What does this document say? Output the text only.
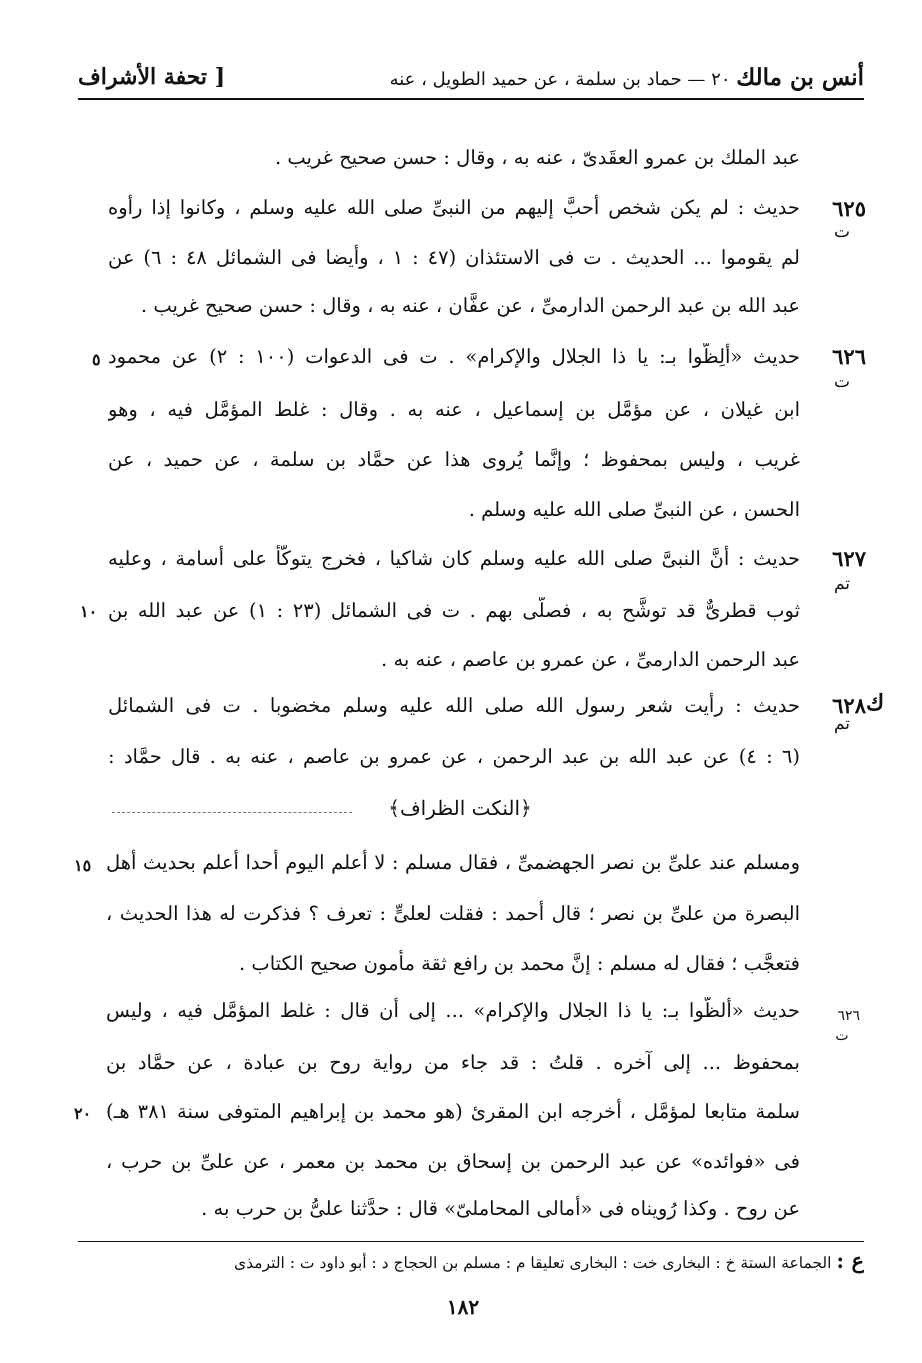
أنس بن مالك ٢٠ — حماد بن سلمة ، عن حميد الطويل ، عنه
[ تحفة الأشراف
عبد الملك بن عمرو العقَدىّ ، عنه به ، وقال : حسن صحيح غريب .
حديث : لم يكن شخص أحبَّ إليهم من النبىِّ صلى الله عليه وسلم ، وكانوا إذا رأوه
لم يقوموا ... الحديث . ت فى الاستئذان (٤٧ : ١ ، وأيضا فى الشمائل ٤٨ : ٦) عن
عبد الله بن عبد الرحمن الدارمىِّ ، عن عفَّان ، عنه به ، وقال : حسن صحيح غريب .
حديث «ألِظُّوا بـ: يا ذا الجلال والإكرام» . ت فى الدعوات (١٠٠ : ٢) عن محمود
ابن غيلان ، عن مؤمَّل بن إسماعيل ، عنه به . وقال : غلط المؤمَّل فيه ، وهو
غريب ، وليس بمحفوظ ؛ وإنَّما يُروى هذا عن حمَّاد بن سلمة ، عن حميد ، عن
الحسن ، عن النبىِّ صلى الله عليه وسلم .
حديث : أنَّ النبىَّ صلى الله عليه وسلم كان شاكيا ، فخرج يتوكَّأ على أسامة ، وعليه
ثوب قطرىٌّ قد توشَّح به ، فصلَّى بهم . ت فى الشمائل (٢٣ : ١) عن عبد الله بن
عبد الرحمن الدارمىِّ ، عن عمرو بن عاصم ، عنه به .
حديث : رأيت شعر رسول الله صلى الله عليه وسلم مخضوبا . ت فى الشمائل
(٦ : ٤) عن عبد الله بن عبد الرحمن ، عن عمرو بن عاصم ، عنه به . قال حمَّاد :
٦٢٥
ت
٦٢٦
ت
٦٢٧
تم
٦٢٨
تم
ك
٥
١٠
﴿النكت الظراف﴾
ومسلم عند علىِّ بن نصر الجهضمىِّ ، فقال مسلم : لا أعلم اليوم أحدا أعلم بحديث أهل
البصرة من علىِّ بن نصر ؛ قال أحمد : فقلت لعلىٍّ : تعرف ؟ فذكرت له هذا الحديث ،
فتعجَّب ؛ فقال له مسلم : إنَّ محمد بن رافع ثقة مأمون صحيح الكتاب .
حديث «ألظُّوا بـ: يا ذا الجلال والإكرام» ... إلى أن قال : غلط المؤمَّل فيه ، وليس
بمحفوظ ... إلى آخره . قلتُ : قد جاء من رواية روح بن عبادة ، عن حمَّاد بن
سلمة متابعا لمؤمَّل ، أخرجه ابن المقرئ (هو محمد بن إبراهيم المتوفى سنة ٣٨١ هـ)
فى «فوائده» عن عبد الرحمن بن إسحاق بن محمد بن معمر ، عن علىِّ بن حرب ،
عن روح . وكذا رُويناه فى «أمالى المحاملىّ» قال : حدَّثنا علىُّ بن حرب به .
٦٢٦
ت
١٥
٢٠
ع : الجماعة الستة خ : البخارى خت : البخارى تعليقا م : مسلم بن الحجاج د : أبو داود ت : الترمذى
١٨٢
